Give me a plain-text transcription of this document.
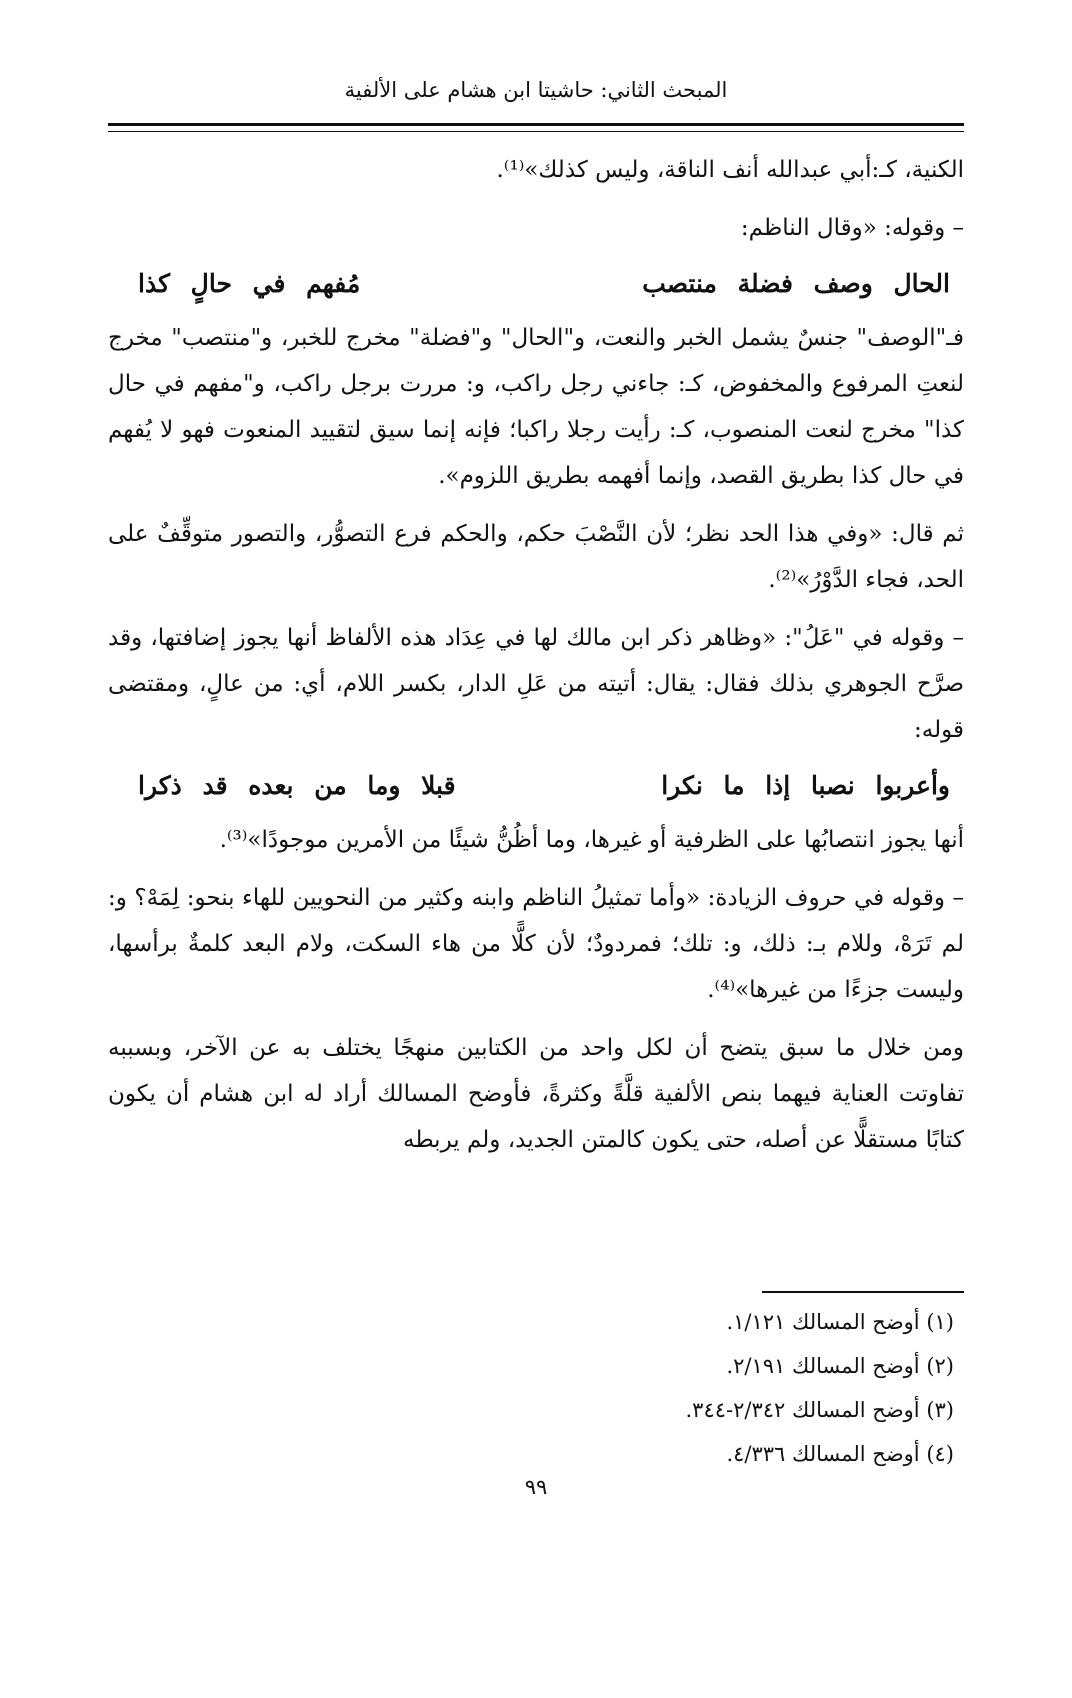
المبحث الثاني: حاشيتا ابن هشام على الألفية

الكنية، كـ:أبي عبدالله أنف الناقة، وليس كذلك»⁽¹⁾.

– وقوله: «وقال الناظم:

الحال وصف فضلة منتصب
مُفهم في حالٍ كذا

فـ"الوصف" جنسٌ يشمل الخبر والنعت، و"الحال" و"فضلة" مخرج للخبر، و"منتصب" مخرج لنعتِ المرفوع والمخفوض، كـ: جاءني رجل راكب، و: مررت برجل راكب، و"مفهم في حال كذا" مخرج لنعت المنصوب، كـ: رأيت رجلا راكبا؛ فإنه إنما سيق لتقييد المنعوت فهو لا يُفهم في حال كذا بطريق القصد، وإنما أفهمه بطريق اللزوم».

ثم قال: «وفي هذا الحد نظر؛ لأن النَّصْبَ حكم، والحكم فرع التصوُّر، والتصور متوقِّفٌ على الحد، فجاء الدَّوْرُ»⁽²⁾.

– وقوله في "عَلُ": «وظاهر ذكر ابن مالك لها في عِدَاد هذه الألفاظ أنها يجوز إضافتها، وقد صرَّح الجوهري بذلك فقال: يقال: أتيته من عَلِ الدار، بكسر اللام، أي: من عالٍ، ومقتضى قوله:

وأعربوا نصبا إذا ما نكرا
قبلا وما من بعده قد ذكرا

أنها يجوز انتصابُها على الظرفية أو غيرها، وما أظُنُّ شيئًا من الأمرين موجودًا»⁽³⁾.

– وقوله في حروف الزيادة: «وأما تمثيلُ الناظم وابنه وكثير من النحويين للهاء بنحو: لِمَهْ؟ و: لم تَرَهْ، وللام بـ: ذلك، و: تلك؛ فمردودٌ؛ لأن كلًّا من هاء السكت، ولام البعد كلمةٌ برأسها، وليست جزءًا من غيرها»⁽⁴⁾.

ومن خلال ما سبق يتضح أن لكل واحد من الكتابين منهجًا يختلف به عن الآخر، وبسببه تفاوتت العناية فيهما بنص الألفية قلَّةً وكثرةً، فأوضح المسالك أراد له ابن هشام أن يكون كتابًا مستقلًّا عن أصله، حتى يكون كالمتن الجديد، ولم يربطه

(١) أوضح المسالك ١/١٢١.

(٢) أوضح المسالك ٢/١٩١.

(٣) أوضح المسالك ٢/٣٤٢-٣٤٤.

(٤) أوضح المسالك ٤/٣٣٦.

٩٩
